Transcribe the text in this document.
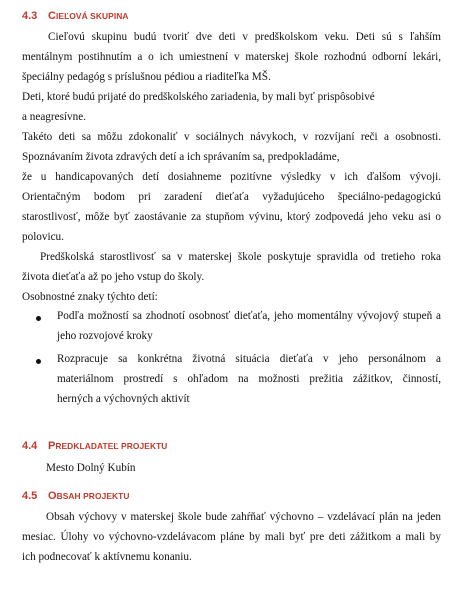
4.3 CIEĽOVÁ SKUPINA
Cieľovú skupinu budú tvoriť dve deti v predškolskom veku. Deti sú s ľahším
mentálnym postihnutím a o ich umiestnení v materskej škole rozhodnú odborní lekári,
špeciálny pedagóg s príslušnou pédiou a riaditeľka MŠ.
Deti, ktoré budú prijaté do predškolského zariadenia, by mali byť prispôsobivé
a neagresívne.
Takéto deti sa môžu zdokonaliť v sociálnych návykoch, v rozvíjaní reči a osobnosti.
Spoznávaním života zdravých detí a ich správaním sa, predpokladáme,
že u handicapovaných detí dosiahneme pozitívne výsledky v ich ďalšom vývoji.
Orientačným bodom pri zaradení dieťaťa vyžadujúceho špeciálno-pedagogickú
starostlivosť, môže byť zaostávanie za stupňom vývinu, ktorý zodpovedá jeho veku asi o
polovicu.
Predškolská starostlivosť sa v materskej škole poskytuje spravidla od tretieho roka
života dieťaťa až po jeho vstup do školy.
Osobnostné znaky týchto detí:
Podľa možností sa zhodnotí osobnosť dieťaťa, jeho momentálny vývojový stupeň a
jeho rozvojové kroky
Rozpracuje sa konkrétna životná situácia dieťaťa v jeho personálnom a
materiálnom prostredí s ohľadom na možnosti prežitia zážitkov, činností,
herných a výchovných aktivít
4.4 PREDKLADATEĽ PROJEKTU
Mesto Dolný Kubín
4.5 OBSAH PROJEKTU
Obsah výchovy v materskej škole bude zahŕňať výchovno – vzdelávací plán na jeden
mesiac. Úlohy vo výchovno-vzdelávacom pláne by mali byť pre deti zážitkom a mali by
ich podnecovať k aktívnemu konaniu.
